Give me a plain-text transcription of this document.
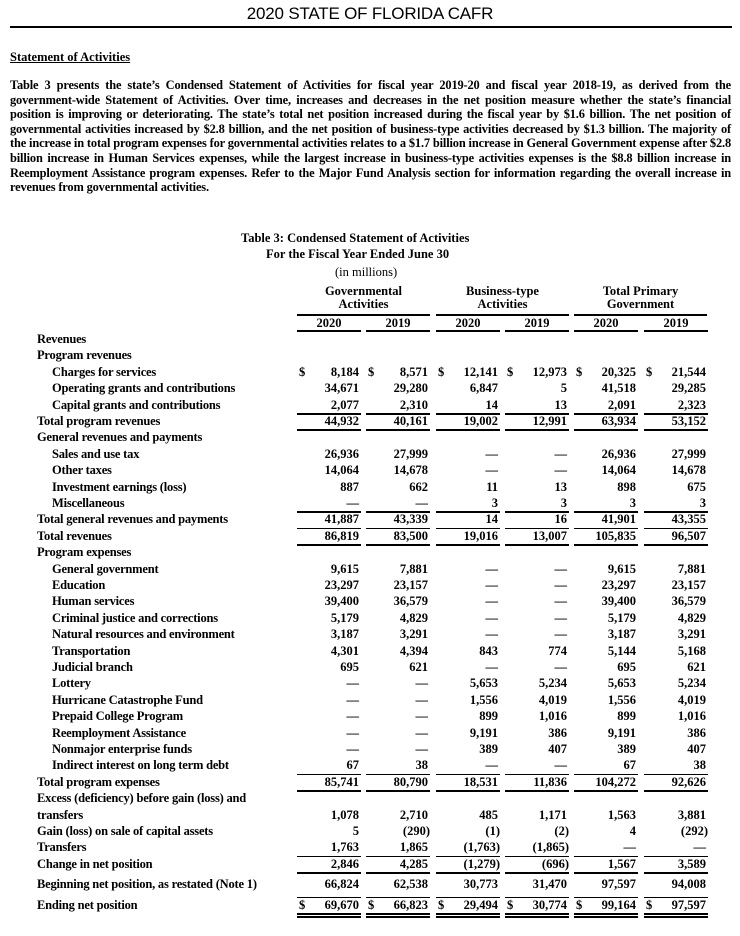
2020 STATE OF FLORIDA CAFR
Statement of Activities
Table 3 presents the state’s Condensed Statement of Activities for fiscal year 2019-20 and fiscal year 2018-19, as derived from the government-wide Statement of Activities. Over time, increases and decreases in the net position measure whether the state’s financial position is improving or deteriorating. The state’s total net position increased during the fiscal year by $1.6 billion. The net position of governmental activities increased by $2.8 billion, and the net position of business-type activities decreased by $1.3 billion. The majority of the increase in total program expenses for governmental activities relates to a $1.7 billion increase in General Government expense after $2.8 billion increase in Human Services expenses, while the largest increase in business-type activities expenses is the $8.8 billion increase in Reemployment Assistance program expenses. Refer to the Major Fund Analysis section for information regarding the overall increase in revenues from governmental activities.
Table 3: Condensed Statement of Activities
For the Fiscal Year Ended June 30
(in millions)
Governmental
Activities
Business-type
Activities
Total Primary
Government
2020	2019	2020	2019	2020	2019
Revenues
Program revenues
Charges for services	$ 8,184 $ 8,571 $ 12,141 $ 12,973 $ 20,325 $ 21,544
Operating grants and contributions	34,671	29,280	6,847	5	41,518	29,285
Capital grants and contributions	2,077	2,310	14	13	2,091	2,323
Total program revenues	44,932	40,161	19,002	12,991	63,934	53,152
General revenues and payments
Sales and use tax	26,936	27,999	—	—	26,936	27,999
Other taxes	14,064	14,678	—	—	14,064	14,678
Investment earnings (loss)	887	662	11	13	898	675
Miscellaneous	—	—	3	3	3	3
Total general revenues and payments	41,887	43,339	14	16	41,901	43,355
Total revenues	86,819	83,500	19,016	13,007	105,835	96,507
Program expenses
General government	9,615	7,881	—	—	9,615	7,881
Education	23,297	23,157	—	—	23,297	23,157
Human services	39,400	36,579	—	—	39,400	36,579
Criminal justice and corrections	5,179	4,829	—	—	5,179	4,829
Natural resources and environment	3,187	3,291	—	—	3,187	3,291
Transportation	4,301	4,394	843	774	5,144	5,168
Judicial branch	695	621	—	—	695	621
Lottery	—	—	5,653	5,234	5,653	5,234
Hurricane Catastrophe Fund	—	—	1,556	4,019	1,556	4,019
Prepaid College Program	—	—	899	1,016	899	1,016
Reemployment Assistance	—	—	9,191	386	9,191	386
Nonmajor enterprise funds	—	—	389	407	389	407
Indirect interest on long term debt	67	38	—	—	67	38
Total program expenses	85,741	80,790	18,531	11,836	104,272	92,626
Excess (deficiency) before gain (loss) and
transfers	1,078	2,710	485	1,171	1,563	3,881
Gain (loss) on sale of capital assets	5	(290)	(1)	(2)	4	(292)
Transfers	1,763	1,865	(1,763)	(1,865)	—	—
Change in net position	2,846	4,285	(1,279)	(696)	1,567	3,589
Beginning net position, as restated (Note 1)	66,824	62,538	30,773	31,470	97,597	94,008
Ending net position	$ 69,670 $ 66,823 $ 29,494 $ 30,774 $ 99,164 $ 97,597
